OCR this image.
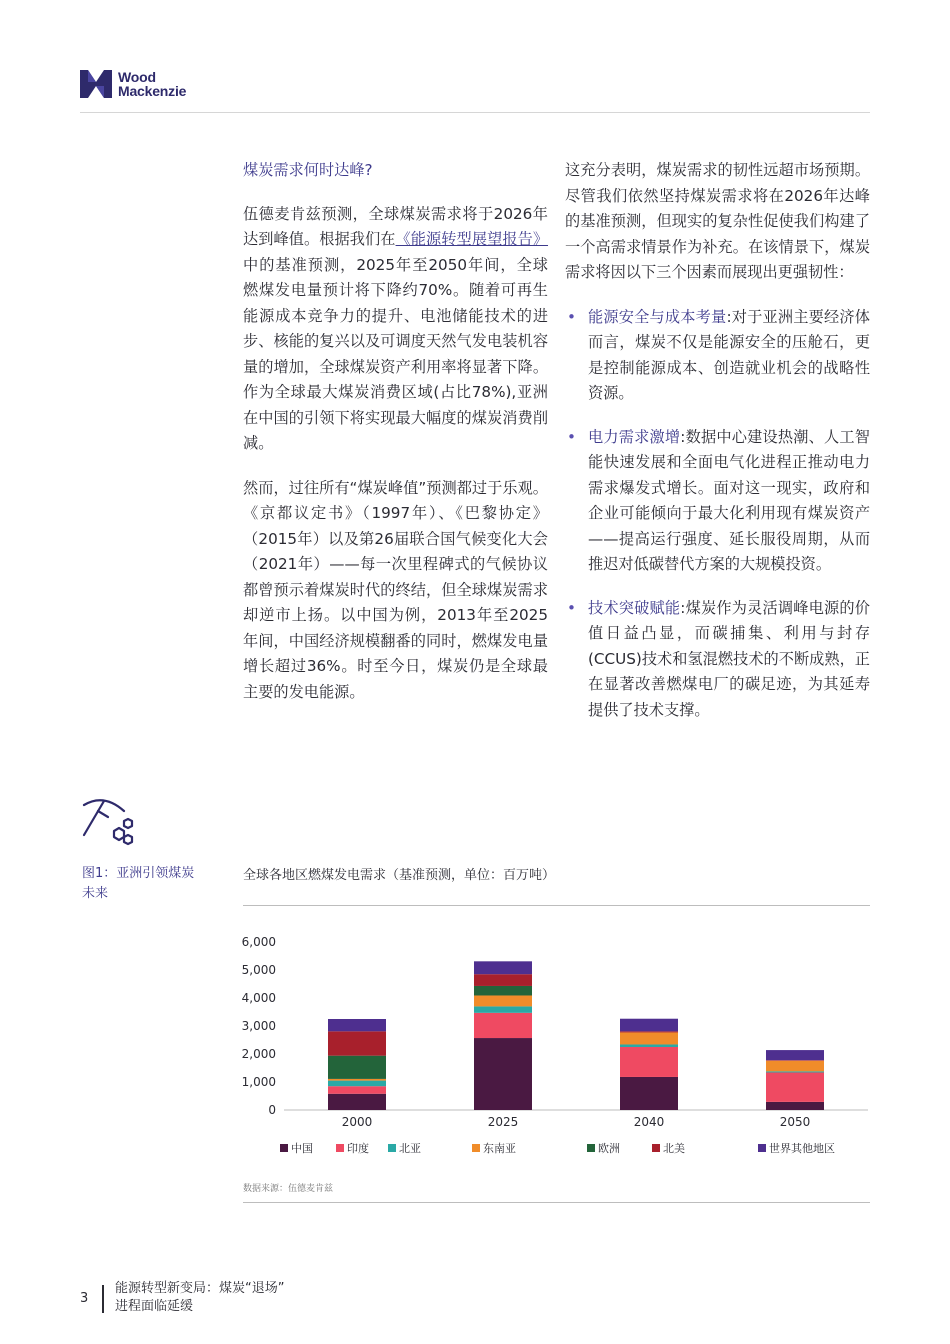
Wood
Mackenzie

煤炭需求何时达峰?

伍德麦肯兹预测，全球煤炭需求将于2026年达到峰值。根据我们在《能源转型展望报告》中的基准预测，2025年至2050年间，全球燃煤发电量预计将下降约70%。随着可再生能源成本竞争力的提升、电池储能技术的进步、核能的复兴以及可调度天然气发电装机容量的增加，全球煤炭资产利用率将显著下降。作为全球最大煤炭消费区域(占比78%),亚洲在中国的引领下将实现最大幅度的煤炭消费削减。

然而，过往所有“煤炭峰值”预测都过于乐观。《京都议定书》（1997年）、《巴黎协定》（2015年）以及第26届联合国气候变化大会（2021年）——每一次里程碑式的气候协议都曾预示着煤炭时代的终结，但全球煤炭需求却逆市上扬。以中国为例，2013年至2025年间，中国经济规模翻番的同时，燃煤发电量增长超过36%。时至今日，煤炭仍是全球最主要的发电能源。

这充分表明，煤炭需求的韧性远超市场预期。尽管我们依然坚持煤炭需求将在2026年达峰的基准预测，但现实的复杂性促使我们构建了一个高需求情景作为补充。在该情景下，煤炭需求将因以下三个因素而展现出更强韧性：

• 能源安全与成本考量:对于亚洲主要经济体而言，煤炭不仅是能源安全的压舱石，更是控制能源成本、创造就业机会的战略性资源。
• 电力需求激增:数据中心建设热潮、人工智能快速发展和全面电气化进程正推动电力需求爆发式增长。面对这一现实，政府和企业可能倾向于最大化利用现有煤炭资产——提高运行强度、延长服役周期，从而推迟对低碳替代方案的大规模投资。
• 技术突破赋能:煤炭作为灵活调峰电源的价值日益凸显，而碳捕集、利用与封存(CCUS)技术和氢混燃技术的不断成熟，正在显著改善燃煤电厂的碳足迹，为其延寿提供了技术支撑。
图1：亚洲引领煤炭未来
全球各地区燃煤发电需求（基准预测，单位：百万吨）
0
1,000
2,000
3,000
4,000
5,000
6,000
2000	2025	2040	2050
中国	印度	北亚	东南亚	欧洲	北美	世界其他地区
数据来源：伍德麦肯兹
3
能源转型新变局：煤炭“退场”
进程面临延缓
